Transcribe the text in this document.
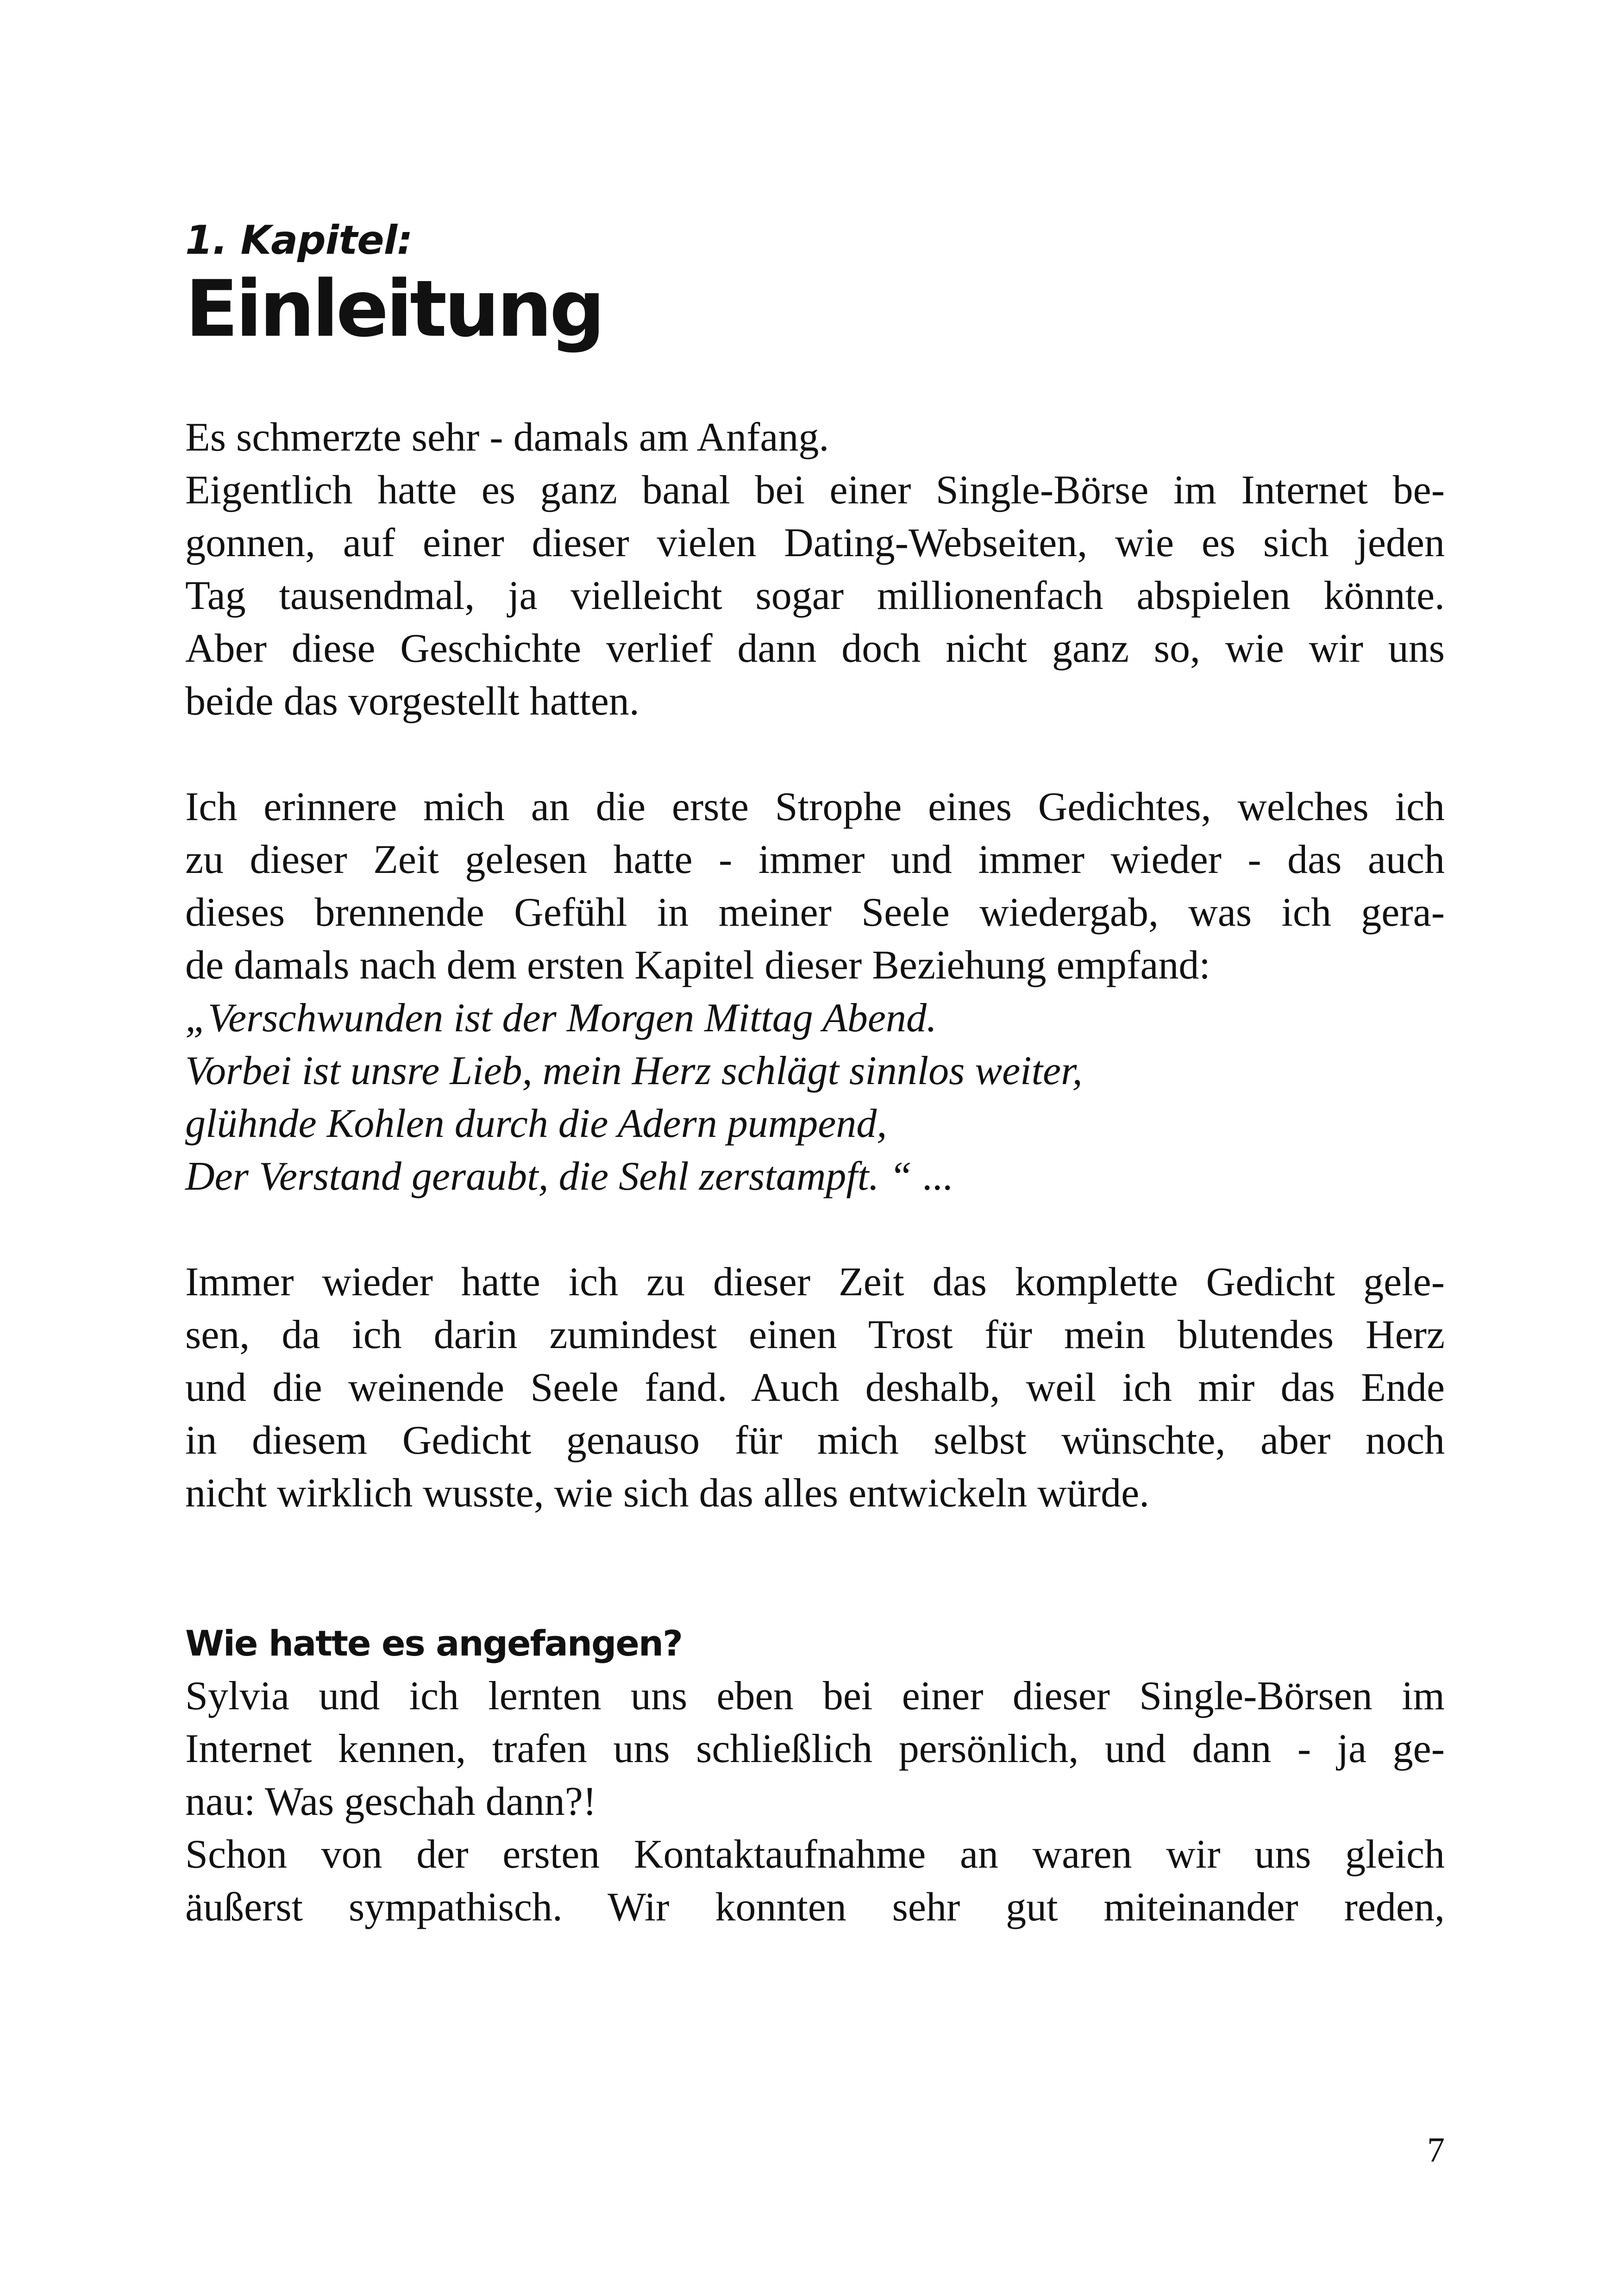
1. Kapitel:
Einleitung
Es schmerzte sehr - damals am Anfang.
Eigentlich hatte es ganz banal bei einer Single-Börse im Internet be-
gonnen, auf einer dieser vielen Dating-Webseiten, wie es sich jeden
Tag tausendmal, ja vielleicht sogar millionenfach abspielen könnte.
Aber diese Geschichte verlief dann doch nicht ganz so, wie wir uns
beide das vorgestellt hatten.
Ich erinnere mich an die erste Strophe eines Gedichtes, welches ich
zu dieser Zeit gelesen hatte - immer und immer wieder - das auch
dieses brennende Gefühl in meiner Seele wiedergab, was ich gera-
de damals nach dem ersten Kapitel dieser Beziehung empfand:
„Verschwunden ist der Morgen Mittag Abend.
Vorbei ist unsre Lieb, mein Herz schlägt sinnlos weiter,
glühnde Kohlen durch die Adern pumpend,
Der Verstand geraubt, die Sehl zerstampft. “ ...
Immer wieder hatte ich zu dieser Zeit das komplette Gedicht gele-
sen, da ich darin zumindest einen Trost für mein blutendes Herz
und die weinende Seele fand. Auch deshalb, weil ich mir das Ende
in diesem Gedicht genauso für mich selbst wünschte, aber noch
nicht wirklich wusste, wie sich das alles entwickeln würde.
Wie hatte es angefangen?
Sylvia und ich lernten uns eben bei einer dieser Single-Börsen im
Internet kennen, trafen uns schließlich persönlich, und dann - ja ge-
nau: Was geschah dann?!
Schon von der ersten Kontaktaufnahme an waren wir uns gleich
äußerst sympathisch. Wir konnten sehr gut miteinander reden,
7
